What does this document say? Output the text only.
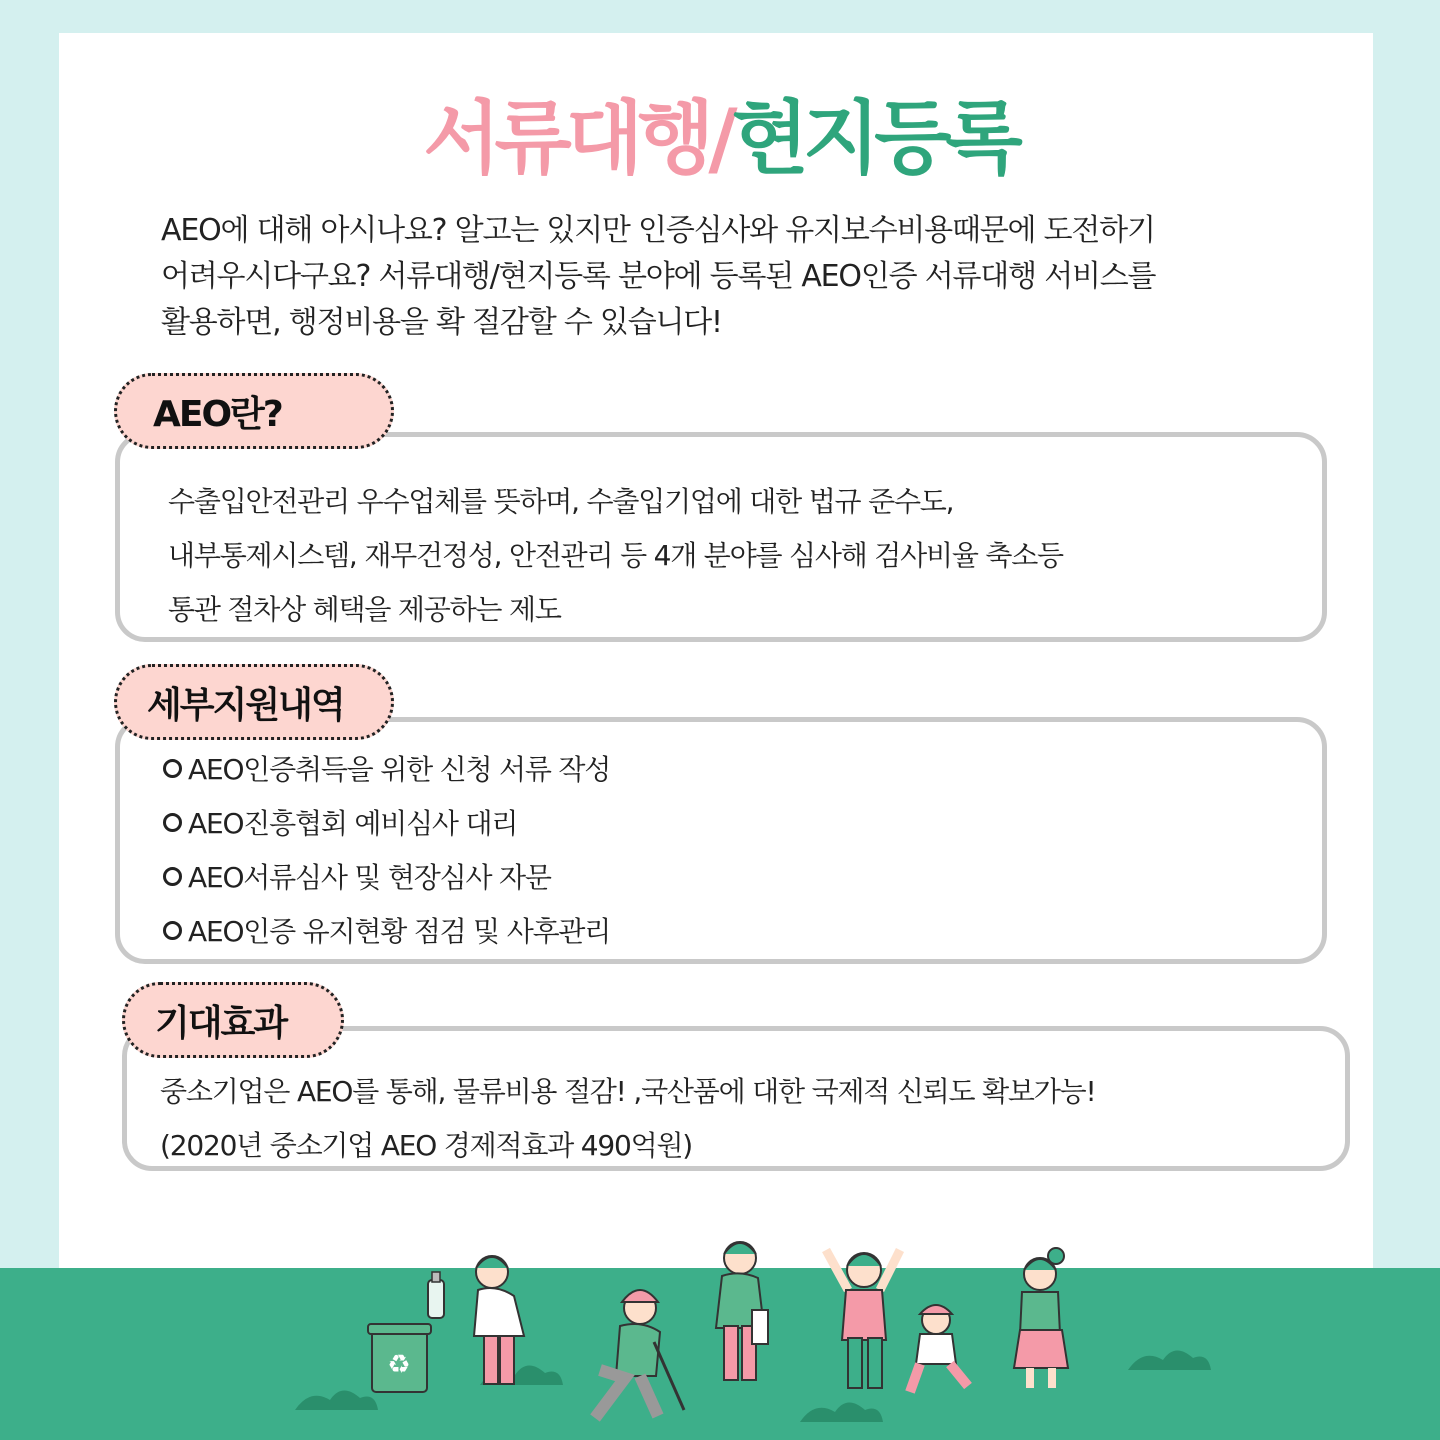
서류대행/현지등록
AEO에 대해 아시나요? 알고는 있지만 인증심사와 유지보수비용때문에 도전하기
어려우시다구요? 서류대행/현지등록 분야에 등록된 AEO인증 서류대행 서비스를
활용하면, 행정비용을 확 절감할 수 있습니다!
AEO란?
수출입안전관리 우수업체를 뜻하며, 수출입기업에 대한 법규 준수도,
내부통제시스템, 재무건정성, 안전관리 등 4개 분야를 심사해 검사비율 축소등
통관 절차상 혜택을 제공하는 제도
세부지원내역
AEO인증취득을 위한 신청 서류 작성
AEO진흥협회 예비심사 대리
AEO서류심사 및 현장심사 자문
AEO인증 유지현황 점검 및 사후관리
기대효과
중소기업은 AEO를 통해, 물류비용 절감! ,국산품에 대한 국제적 신뢰도 확보가능!
(2020년 중소기업 AEO 경제적효과 490억원)
♻
